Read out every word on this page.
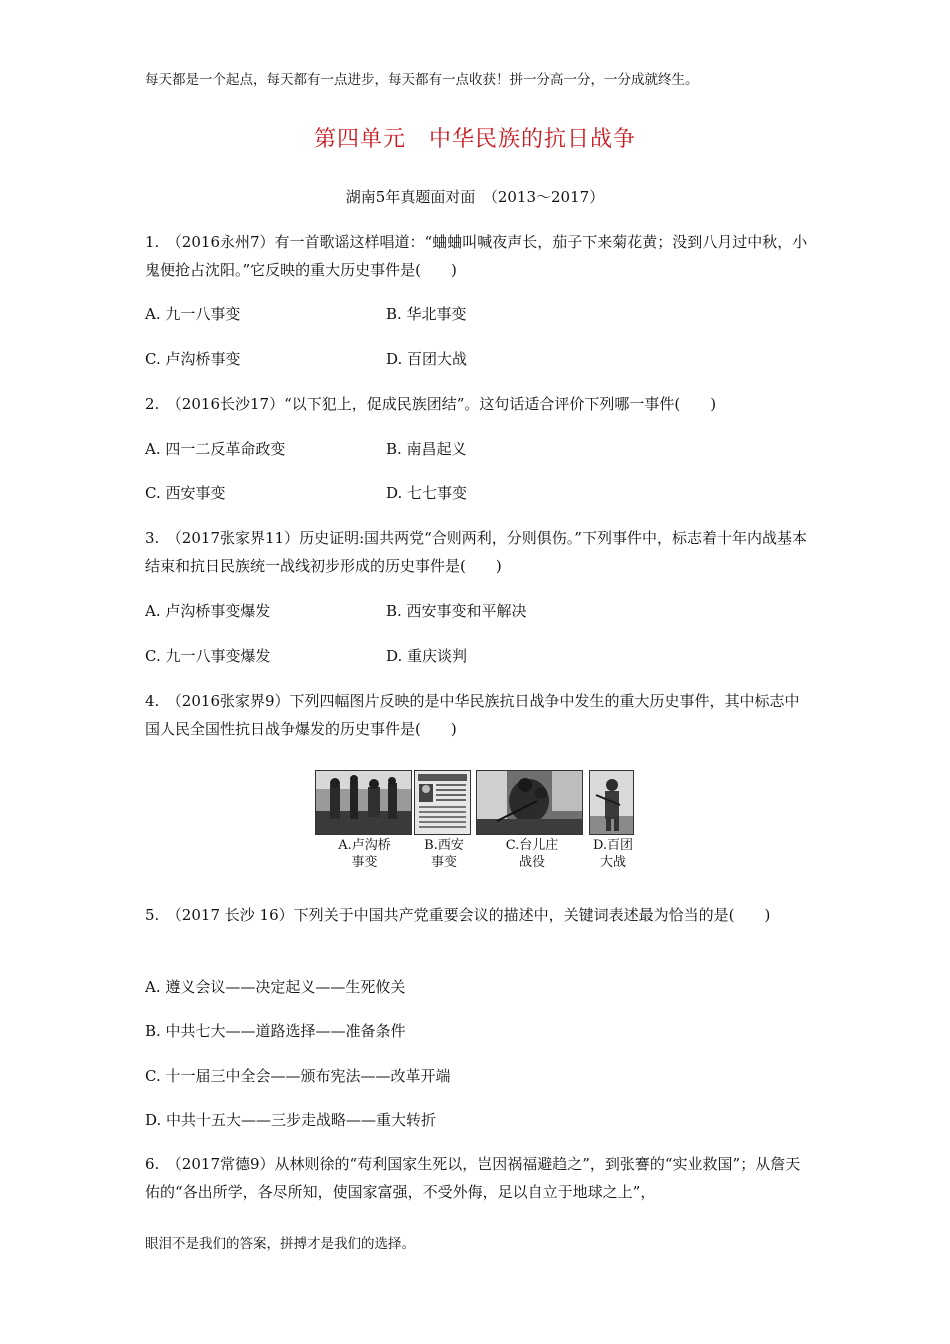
每天都是一个起点，每天都有一点进步，每天都有一点收获！拼一分高一分，一分成就终生。
第四单元　中华民族的抗日战争
湖南5年真题面对面　（2013～2017）
1.　（2016永州7）有一首歌谣这样唱道：“蛐蛐叫喊夜声长，茄子下来菊花黄；没到八月过中秋，小鬼便抢占沈阳。”它反映的重大历史事件是(　　)
A. 九一八事变	B. 华北事变
C. 卢沟桥事变	D. 百团大战
2.　（2016长沙17）“以下犯上，促成民族团结”。这句话适合评价下列哪一事件(　　)
A. 四一二反革命政变	B. 南昌起义
C. 西安事变	D. 七七事变
3.　（2017张家界11）历史证明:国共两党“合则两利，分则俱伤。”下列事件中，标志着十年内战基本结束和抗日民族统一战线初步形成的历史事件是(　　)
A. 卢沟桥事变爆发	B. 西安事变和平解决
C. 九一八事变爆发	D. 重庆谈判
4.　（2016张家界9）下列四幅图片反映的是中华民族抗日战争中发生的重大历史事件，其中标志中国人民全国性抗日战争爆发的历史事件是(　　)
A.卢沟桥
事变
B.西安
事变
C.台儿庄
战役
D.百团
大战
5.　（2017 长沙 16）下列关于中国共产党重要会议的描述中，关键词表述最为恰当的是(　　)
A. 遵义会议——决定起义——生死攸关
B. 中共七大——道路选择——准备条件
C. 十一届三中全会——颁布宪法——改革开端
D. 中共十五大——三步走战略——重大转折
6.　（2017常德9）从林则徐的“苟利国家生死以，岂因祸福避趋之”，到张謇的“实业救国”；从詹天佑的“各出所学，各尽所知，使国家富强，不受外侮，足以自立于地球之上”，
眼泪不是我们的答案，拼搏才是我们的选择。
